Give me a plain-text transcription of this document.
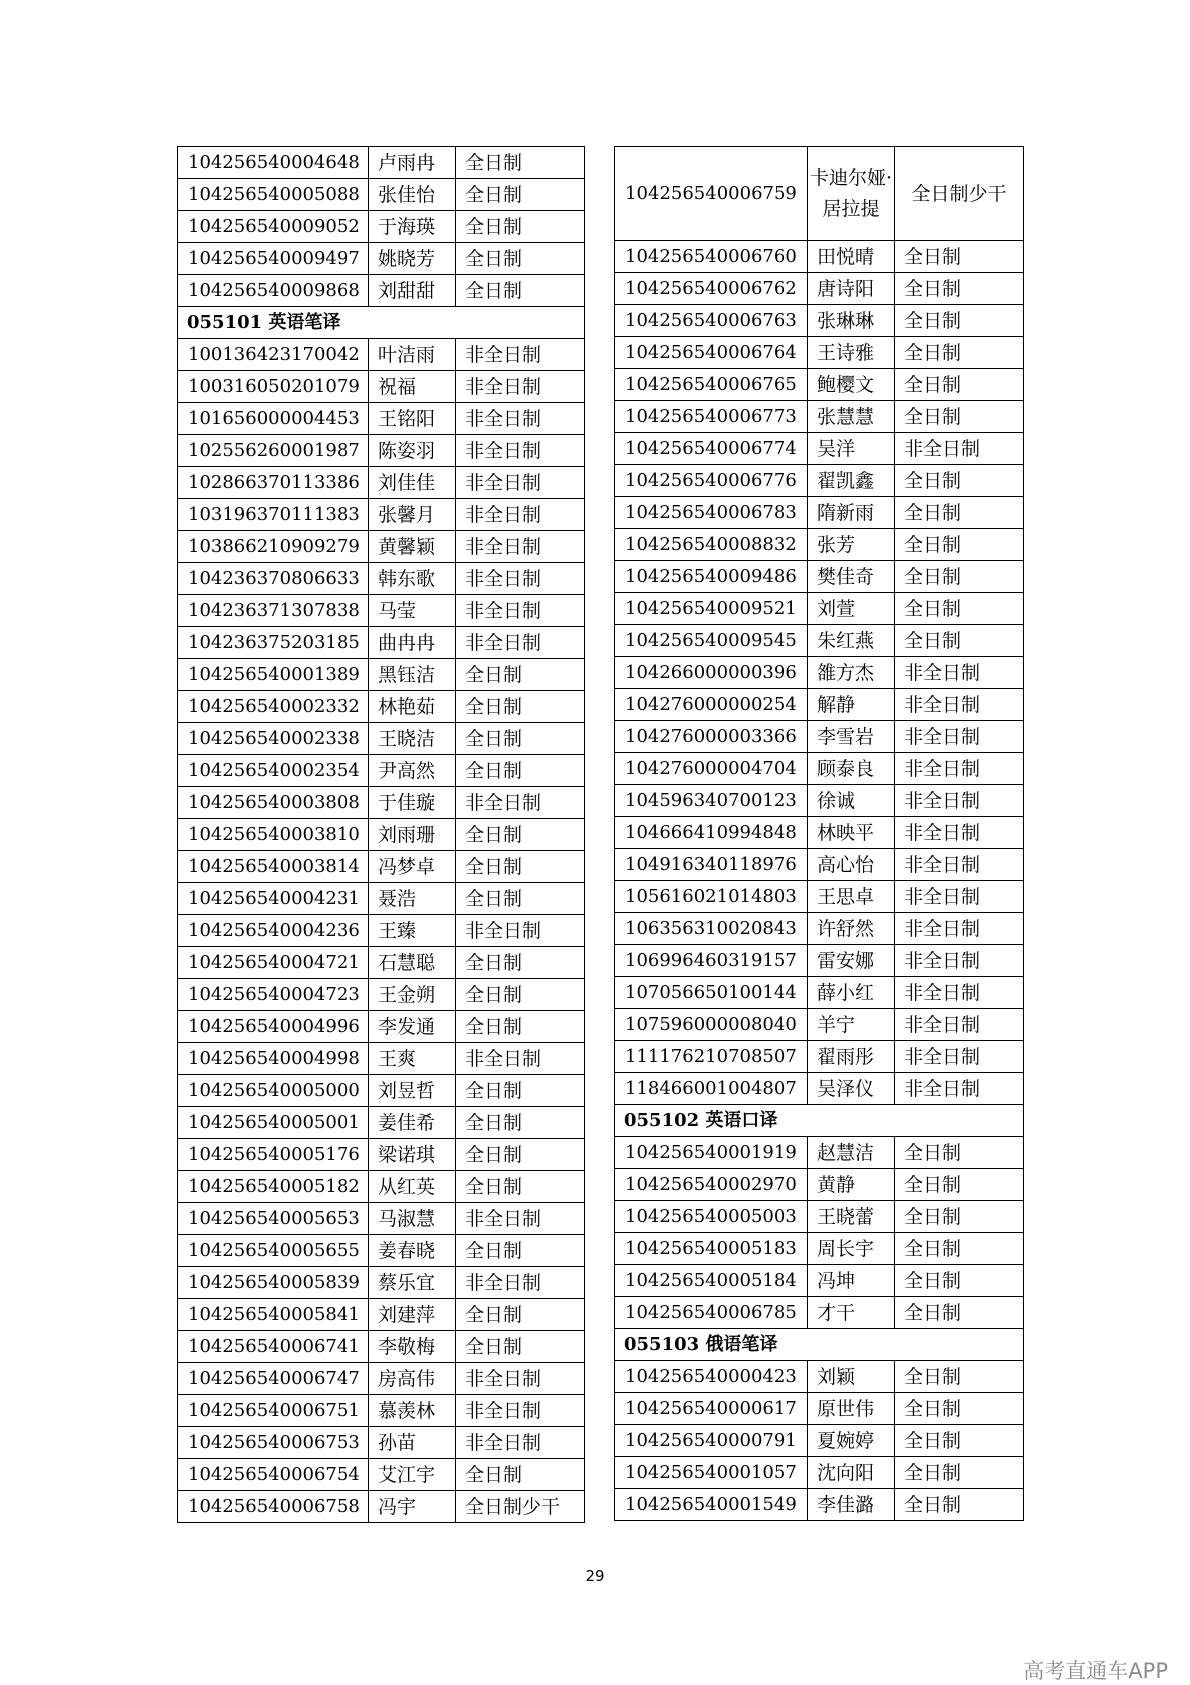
104256540004648	卢雨冉	全日制
104256540005088	张佳怡	全日制
104256540009052	于海瑛	全日制
104256540009497	姚晓芳	全日制
104256540009868	刘甜甜	全日制
055101 英语笔译		
100136423170042	叶洁雨	非全日制
100316050201079	祝福	非全日制
101656000004453	王铭阳	非全日制
102556260001987	陈姿羽	非全日制
102866370113386	刘佳佳	非全日制
103196370111383	张馨月	非全日制
103866210909279	黄馨颖	非全日制
104236370806633	韩东歌	非全日制
104236371307838	马莹	非全日制
104236375203185	曲冉冉	非全日制
104256540001389	黑钰洁	全日制
104256540002332	林艳茹	全日制
104256540002338	王晓洁	全日制
104256540002354	尹高然	全日制
104256540003808	于佳璇	非全日制
104256540003810	刘雨珊	全日制
104256540003814	冯梦卓	全日制
104256540004231	聂浩	全日制
104256540004236	王臻	非全日制
104256540004721	石慧聪	全日制
104256540004723	王金朔	全日制
104256540004996	李发通	全日制
104256540004998	王爽	非全日制
104256540005000	刘昱哲	全日制
104256540005001	姜佳希	全日制
104256540005176	梁诺琪	全日制
104256540005182	从红英	全日制
104256540005653	马淑慧	非全日制
104256540005655	姜春晓	全日制
104256540005839	蔡乐宜	非全日制
104256540005841	刘建萍	全日制
104256540006741	李敬梅	全日制
104256540006747	房高伟	非全日制
104256540006751	慕羡林	非全日制
104256540006753	孙苗	非全日制
104256540006754	艾江宇	全日制
104256540006758	冯宇	全日制少干
104256540006759	卡迪尔娅·居拉提	全日制少干
104256540006760	田悦晴	全日制
104256540006762	唐诗阳	全日制
104256540006763	张琳琳	全日制
104256540006764	王诗雅	全日制
104256540006765	鲍樱文	全日制
104256540006773	张慧慧	全日制
104256540006774	吴洋	非全日制
104256540006776	翟凯鑫	全日制
104256540006783	隋新雨	全日制
104256540008832	张芳	全日制
104256540009486	樊佳奇	全日制
104256540009521	刘萱	全日制
104256540009545	朱红燕	全日制
104266000000396	雒方杰	非全日制
104276000000254	解静	非全日制
104276000003366	李雪岩	非全日制
104276000004704	顾泰良	非全日制
104596340700123	徐诚	非全日制
104666410994848	林映平	非全日制
104916340118976	高心怡	非全日制
105616021014803	王思卓	非全日制
106356310020843	许舒然	非全日制
106996460319157	雷安娜	非全日制
107056650100144	薛小红	非全日制
107596000008040	羊宁	非全日制
111176210708507	翟雨彤	非全日制
118466001004807	吴泽仪	非全日制
055102 英语口译		
104256540001919	赵慧洁	全日制
104256540002970	黄静	全日制
104256540005003	王晓蕾	全日制
104256540005183	周长宇	全日制
104256540005184	冯坤	全日制
104256540006785	才干	全日制
055103 俄语笔译		
104256540000423	刘颖	全日制
104256540000617	原世伟	全日制
104256540000791	夏婉婷	全日制
104256540001057	沈向阳	全日制
104256540001549	李佳潞	全日制
29
高考直通车APP
